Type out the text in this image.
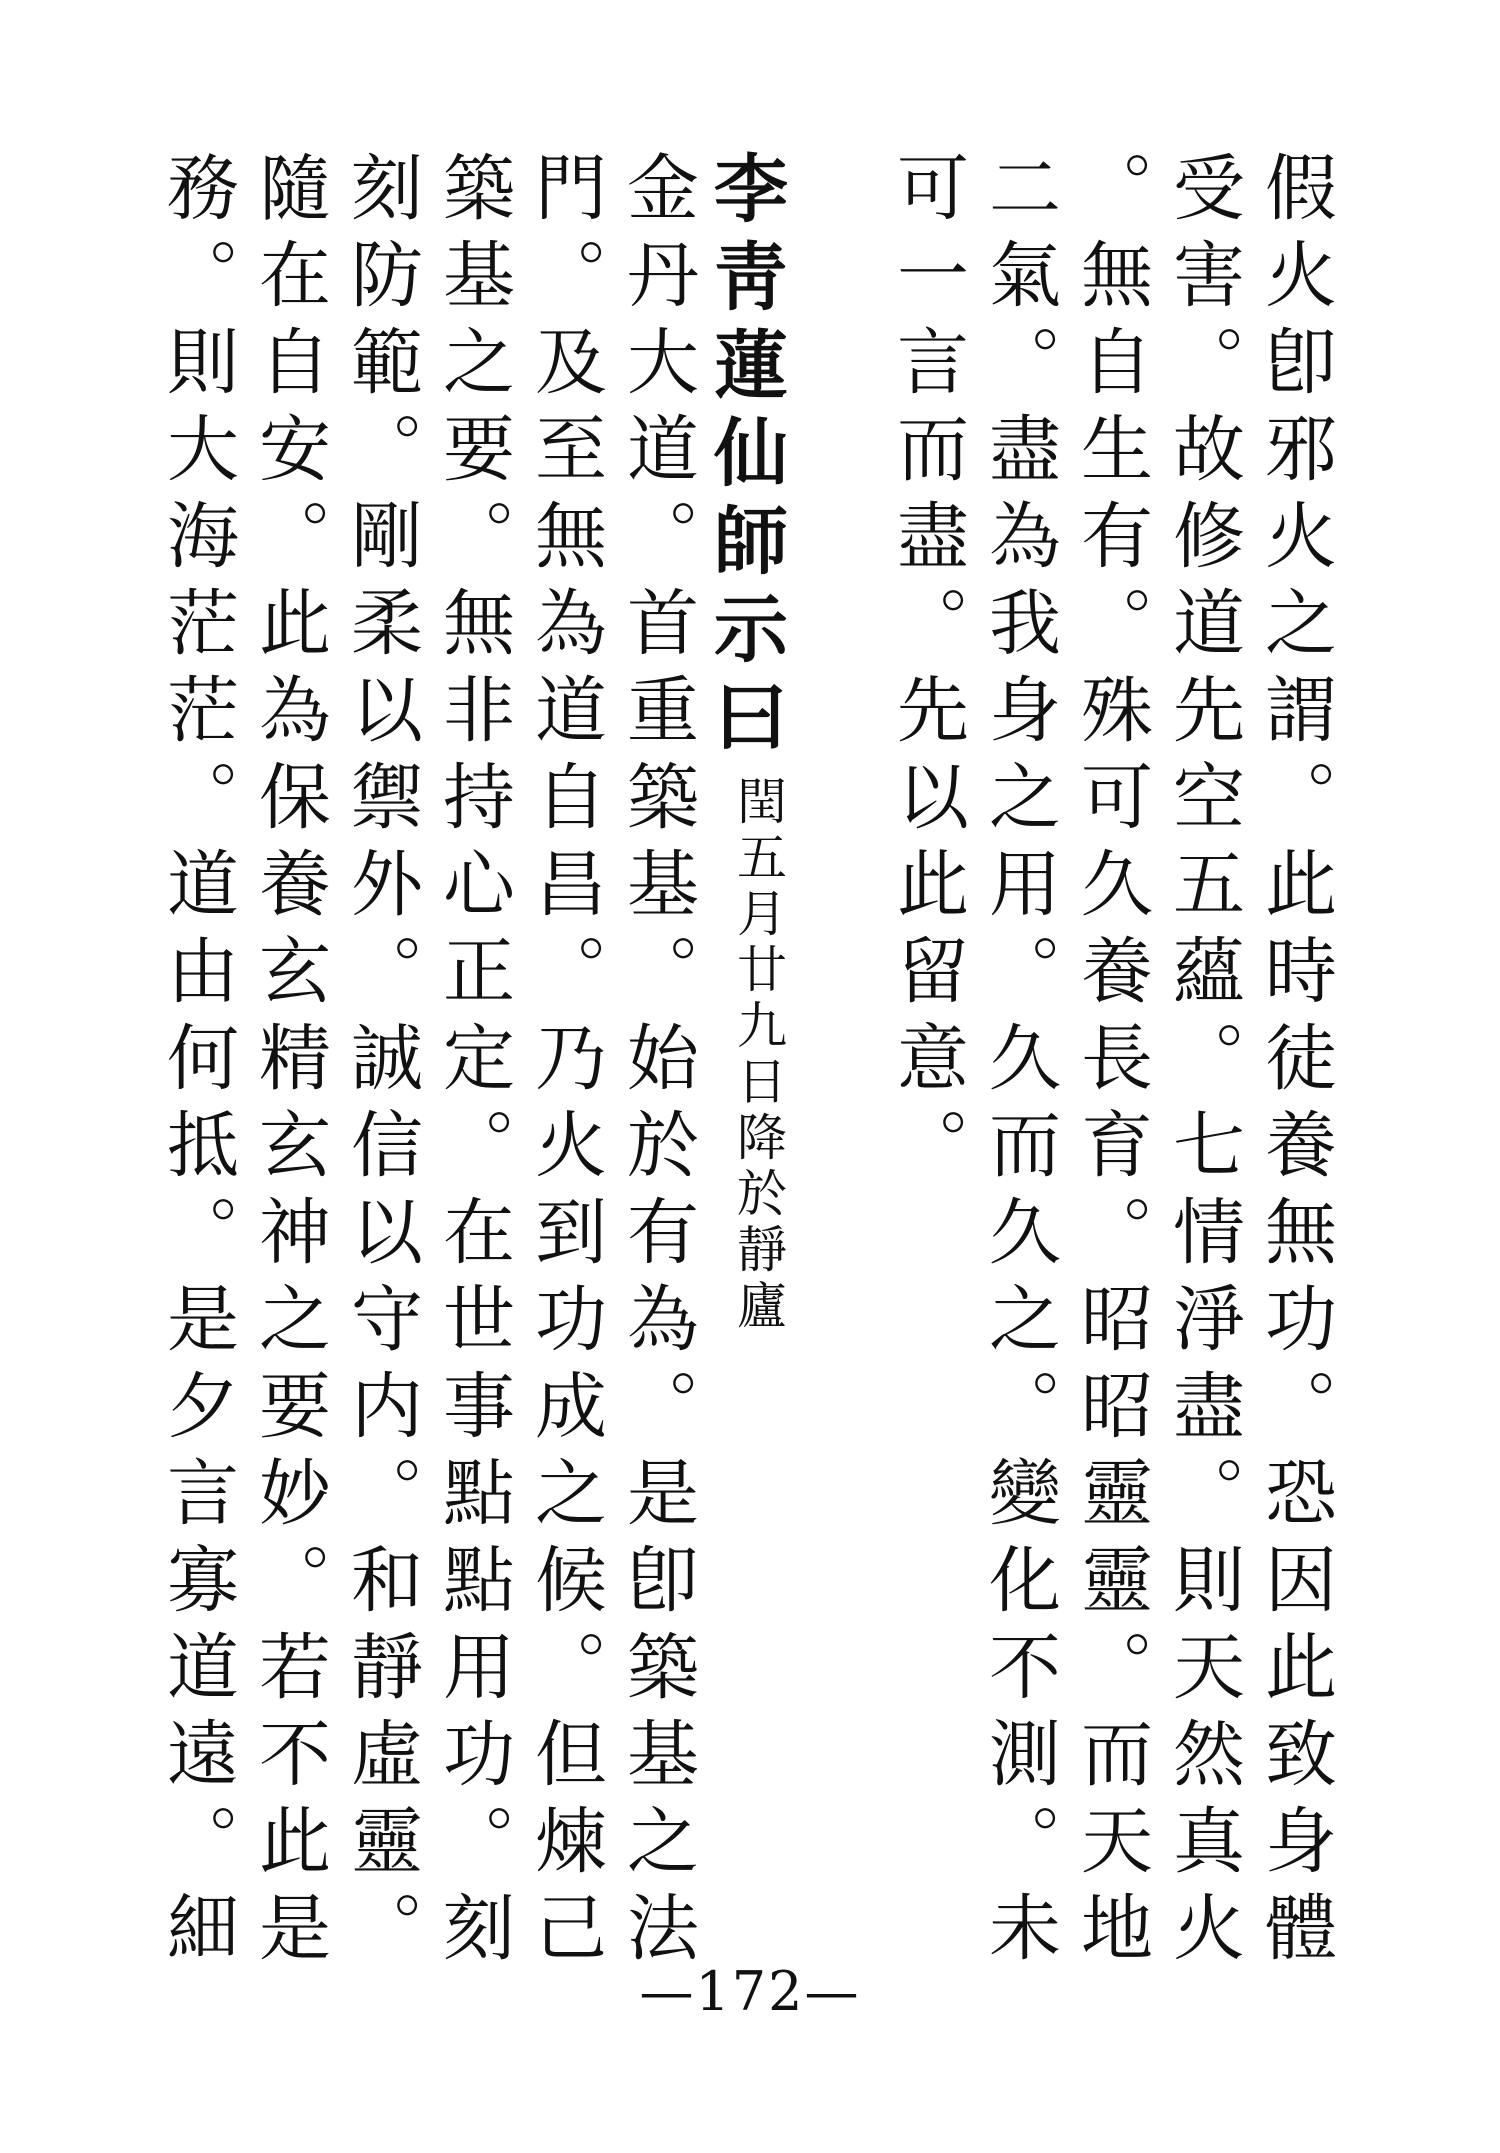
假火卽邪火之謂。此時徒養無功。恐因此致身體
受害。故修道先空五蘊。七情淨盡。則天然真火
。無自生有。殊可久養長育。昭昭靈靈。而天地
二氣。盡為我身之用。久而久之。變化不測。未
可一言而盡。先以此留意。
李靑蓮仙師示曰
閏五月廿九日降於靜廬
金丹大道。首重築基。始於有為。是卽築基之法
門。及至無為道自昌。乃火到功成之候。但煉己
築基之要。無非持心正定。在世事點點用功。刻
刻防範。剛柔以禦外。誠信以守内。和靜虛靈。
隨在自安。此為保養玄精玄神之要妙。若不此是
務。則大海茫茫。道由何抵。是夕言寡道遠。細
—172—
